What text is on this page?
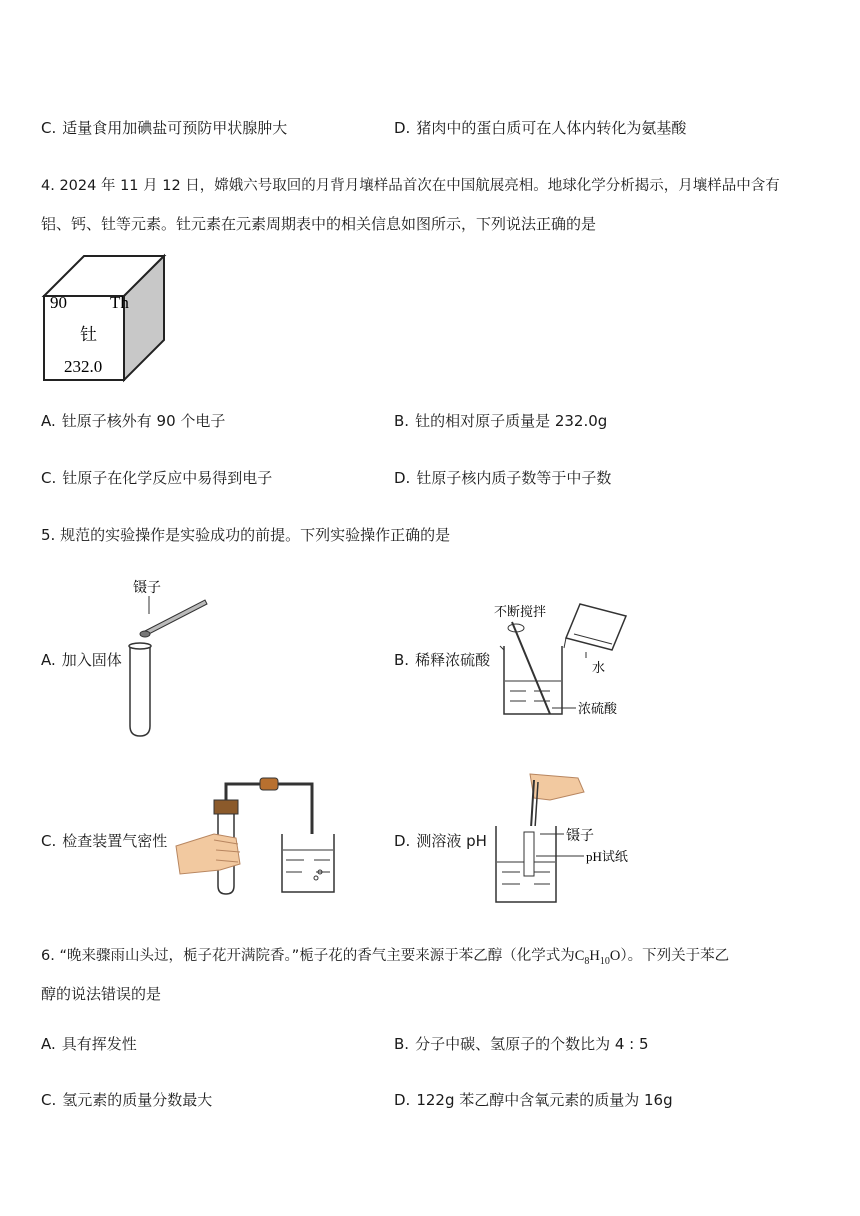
C. 适量食用加碘盐可预防甲状腺肿大	D. 猪肉中的蛋白质可在人体内转化为氨基酸
4. 2024 年 11 月 12 日，嫦娥六号取回的月背月壤样品首次在中国航展亮相。地球化学分析揭示，月壤样品中含有
铝、钙、钍等元素。钍元素在元素周期表中的相关信息如图所示，下列说法正确的是
90	Th
钍
232.0
A. 钍原子核外有 90 个电子	B. 钍的相对原子质量是 232.0g
C. 钍原子在化学反应中易得到电子	D. 钍原子核内质子数等于中子数
5. 规范的实验操作是实验成功的前提。下列实验操作正确的是
A. 加入固体
镊子
B. 稀释浓硫酸
不断搅拌
水
浓硫酸
C. 检查装置气密性	D. 测溶液 pH	镊子
pH试纸
6. “晚来骤雨山头过，栀子花开满院香。”栀子花的香气主要来源于苯乙醇（化学式为$C_8H_{10}O$）。下列关于苯乙
醇的说法错误的是
A. 具有挥发性	B. 分子中碳、氢原子的个数比为 4 : 5
C. 氢元素的质量分数最大	D. 122g 苯乙醇中含氧元素的质量为 16g
